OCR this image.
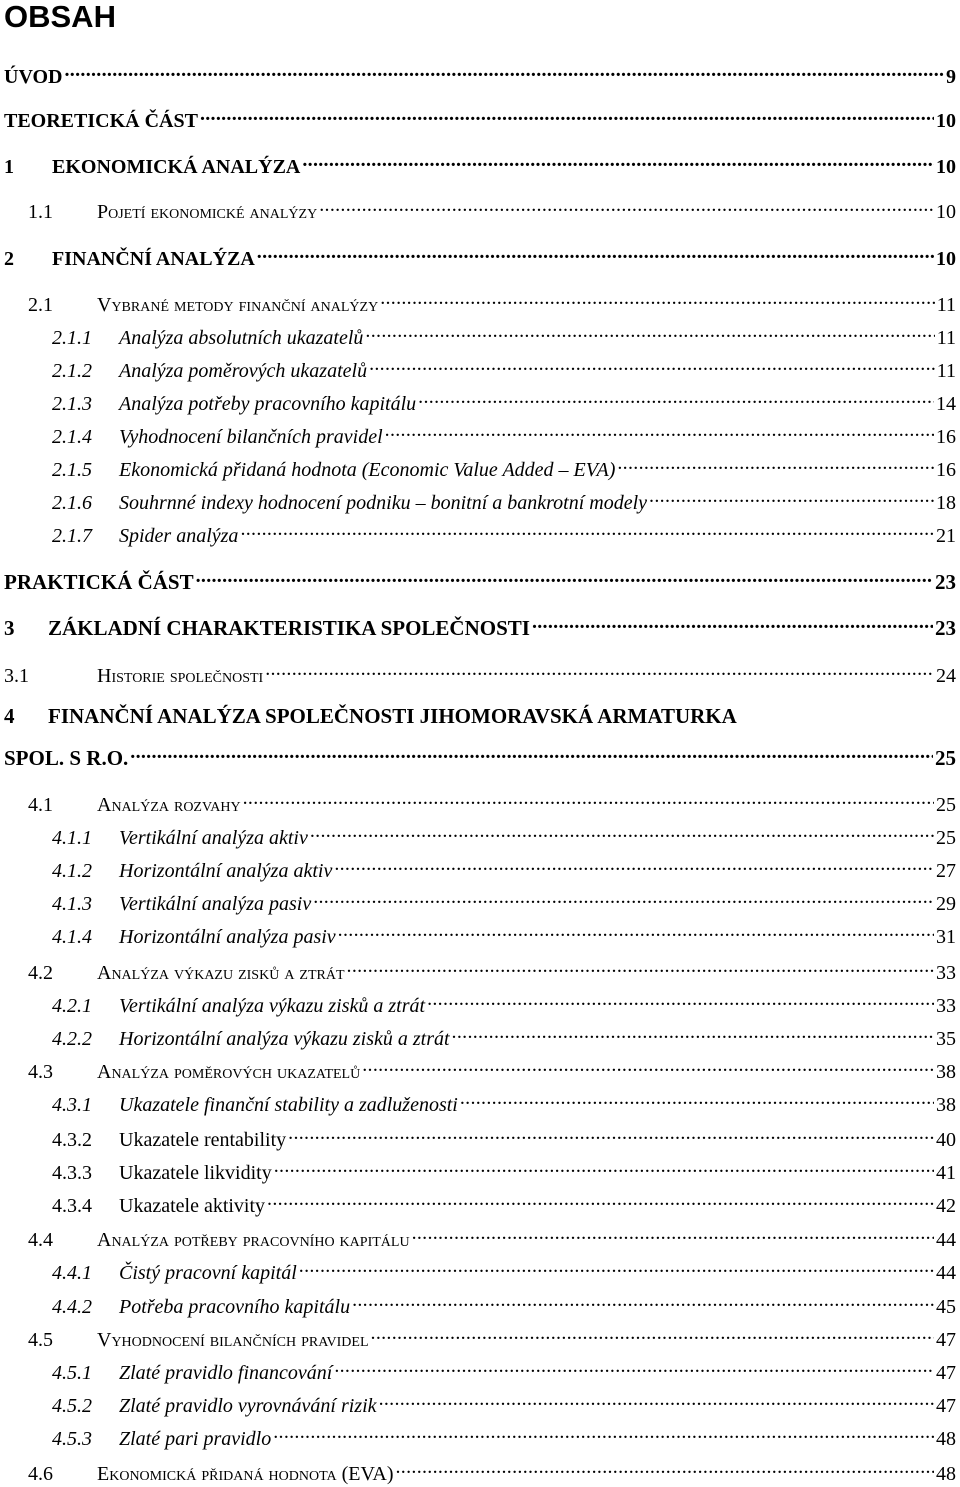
OBSAH
ÚVOD .....	9
TEORETICKÁ ČÁST .....	10
1 EKONOMICKÁ ANALÝZA .....	10
1.1 Pojetí ekonomické analýzy .....	10
2 FINANČNÍ ANALÝZA .....	10
2.1 Vybrané metody finanční analýzy .....	11
2.1.1 Analýza absolutních ukazatelů .....	11
2.1.2 Analýza poměrových ukazatelů .....	11
2.1.3 Analýza potřeby pracovního kapitálu .....	14
2.1.4 Vyhodnocení bilančních pravidel .....	16
2.1.5 Ekonomická přidaná hodnota (Economic Value Added – EVA) .....	16
2.1.6 Souhrnné indexy hodnocení podniku – bonitní a bankrotní modely .....	18
2.1.7 Spider analýza .....	21
PRAKTICKÁ ČÁST .....	23
3 ZÁKLADNÍ CHARAKTERISTIKA SPOLEČNOSTI .....	23
3.1	Historie společnosti .....	24
4 FINANČNÍ ANALÝZA SPOLEČNOSTI JIHOMORAVSKÁ ARMATURKA
SPOL. S R.O. .....	25
4.1 Analýza rozvahy .....	25
4.1.1 Vertikální analýza aktiv .....	25
4.1.2 Horizontální analýza aktiv .....	27
4.1.3 Vertikální analýza pasiv .....	29
4.1.4 Horizontální analýza pasiv .....	31
4.2 Analýza výkazu zisků a ztrát .....	33
4.2.1 Vertikální analýza výkazu zisků a ztrát .....	33
4.2.2 Horizontální analýza výkazu zisků a ztrát .....	35
4.3 Analýza poměrových ukazatelů .....	38
4.3.1 Ukazatele finanční stability a zadluženosti .....	38
4.3.2 Ukazatele rentability .....	40
4.3.3 Ukazatele likvidity .....	41
4.3.4 Ukazatele aktivity .....	42
4.4 Analýza potřeby pracovního kapitálu .....	44
4.4.1 Čistý pracovní kapitál .....	44
4.4.2 Potřeba pracovního kapitálu .....	45
4.5 Vyhodnocení bilančních pravidel .....	47
4.5.1 Zlaté pravidlo financování .....	47
4.5.2 Zlaté pravidlo vyrovnávání rizik .....	47
4.5.3 Zlaté pari pravidlo .....	48
4.6 Ekonomická přidaná hodnota (EVA) .....	48
